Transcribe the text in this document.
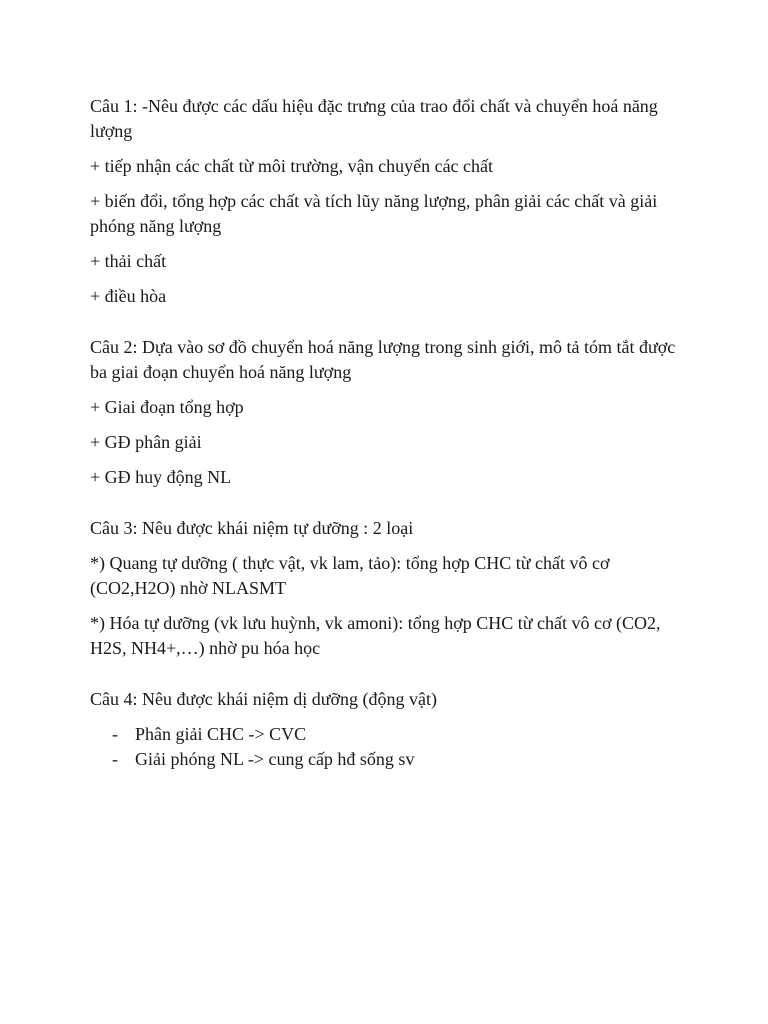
Câu 1: -Nêu được các dấu hiệu đặc trưng của trao đổi chất và chuyển hoá năng lượng

+ tiếp nhận các chất từ môi trường, vận chuyển các chất

+ biến đổi, tổng hợp các chất và tích lũy năng lượng, phân giải các chất và giải phóng năng lượng

+ thải chất

+ điều hòa

Câu 2: Dựa vào sơ đồ chuyển hoá năng lượng trong sinh giới, mô tả tóm tắt được ba giai đoạn chuyển hoá năng lượng

+ Giai đoạn tổng hợp

+ GĐ phân giải

+ GĐ huy động NL

Câu 3: Nêu được khái niệm tự dưỡng : 2 loại

*) Quang tự dưỡng ( thực vật, vk lam, tảo): tổng hợp CHC từ chất vô cơ (CO2,H2O) nhờ NLASMT

*) Hóa tự dưỡng (vk lưu huỳnh, vk amoni): tổng hợp CHC từ chất vô cơ (CO2, H2S, NH4+,…) nhờ pu hóa học

Câu 4: Nêu được khái niệm dị dưỡng (động vật)

- Phân giải CHC -> CVC
- Giải phóng NL -> cung cấp hđ sống sv
